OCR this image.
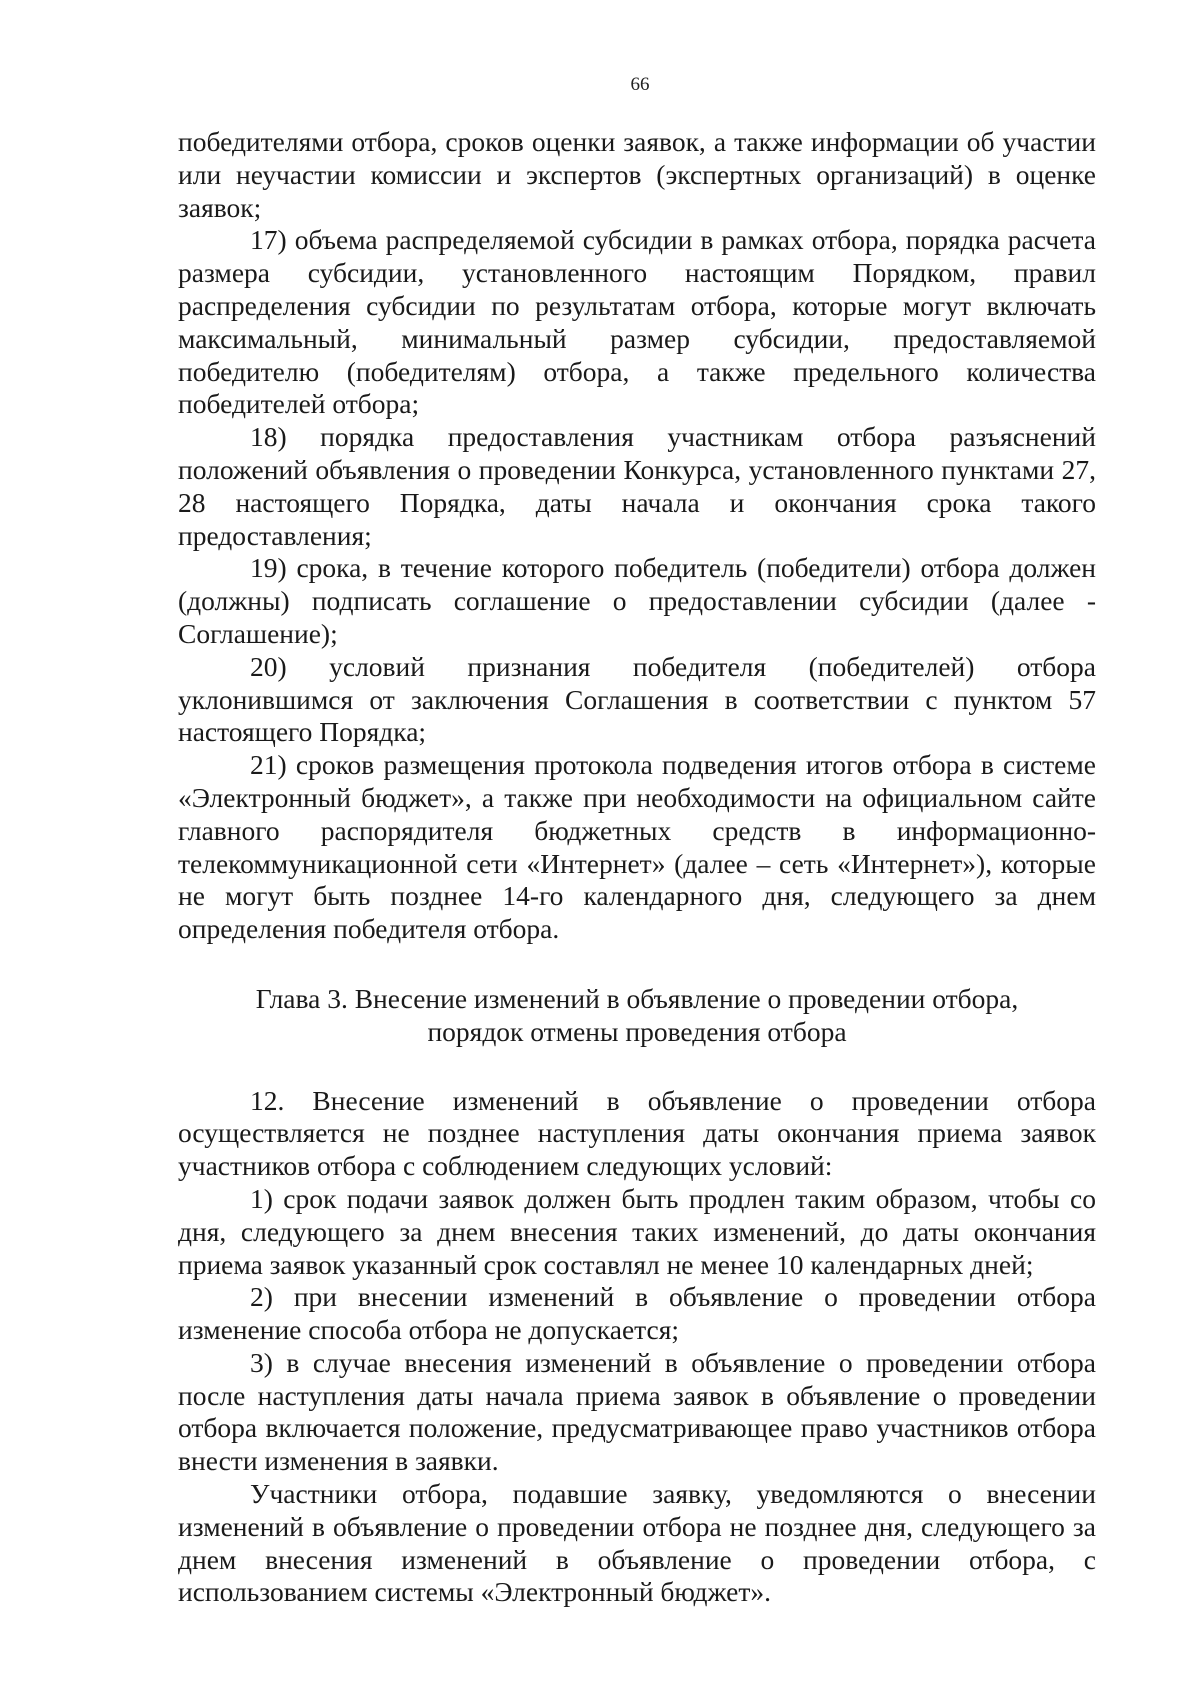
66

победителями отбора, сроков оценки заявок, а также информации об участии или неучастии комиссии и экспертов (экспертных организаций) в оценке заявок;

17) объема распределяемой субсидии в рамках отбора, порядка расчета размера субсидии, установленного настоящим Порядком, правил распределения субсидии по результатам отбора, которые могут включать максимальный, минимальный размер субсидии, предоставляемой победителю (победителям) отбора, а также предельного количества победителей отбора;

18) порядка предоставления участникам отбора разъяснений положений объявления о проведении Конкурса, установленного пунктами 27, 28 настоящего Порядка, даты начала и окончания срока такого предоставления;

19) срока, в течение которого победитель (победители) отбора должен (должны) подписать соглашение о предоставлении субсидии (далее - Соглашение);

20) условий признания победителя (победителей) отбора уклонившимся от заключения Соглашения в соответствии с пунктом 57 настоящего Порядка;

21) сроков размещения протокола подведения итогов отбора в системе «Электронный бюджет», а также при необходимости на официальном сайте главного распорядителя бюджетных средств в информационно-телекоммуникационной сети «Интернет» (далее – сеть «Интернет»), которые не могут быть позднее 14-го календарного дня, следующего за днем определения победителя отбора.

Глава 3. Внесение изменений в объявление о проведении отбора,
порядок отмены проведения отбора

12. Внесение изменений в объявление о проведении отбора осуществляется не позднее наступления даты окончания приема заявок участников отбора с соблюдением следующих условий:

1) срок подачи заявок должен быть продлен таким образом, чтобы со дня, следующего за днем внесения таких изменений, до даты окончания приема заявок указанный срок составлял не менее 10 календарных дней;

2) при внесении изменений в объявление о проведении отбора изменение способа отбора не допускается;

3) в случае внесения изменений в объявление о проведении отбора после наступления даты начала приема заявок в объявление о проведении отбора включается положение, предусматривающее право участников отбора внести изменения в заявки.

Участники отбора, подавшие заявку, уведомляются о внесении изменений в объявление о проведении отбора не позднее дня, следующего за днем внесения изменений в объявление о проведении отбора, с использованием системы «Электронный бюджет».
